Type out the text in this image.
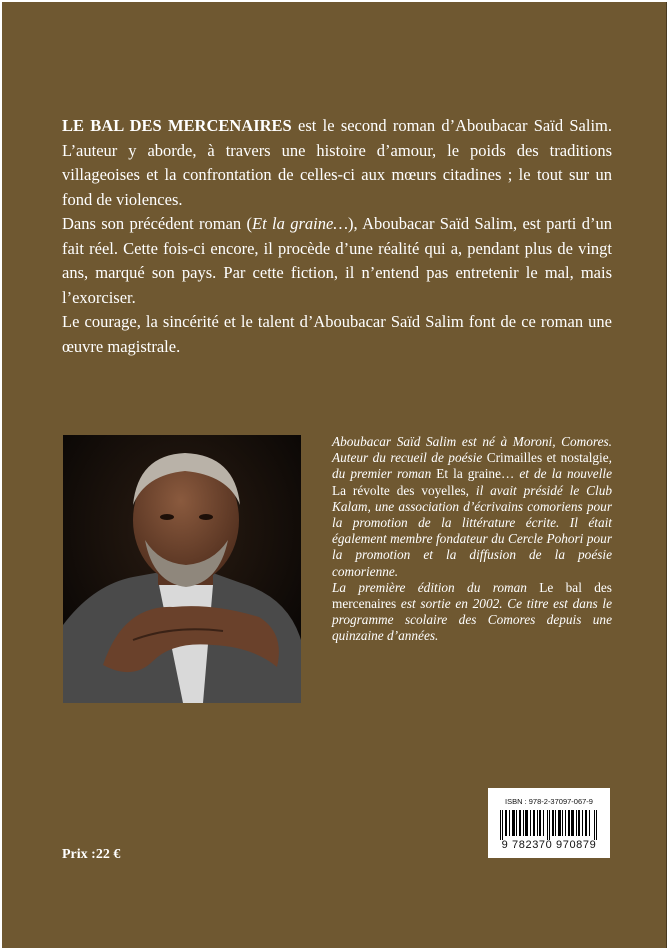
LE BAL DES MERCENAIRES est le second roman d’Aboubacar Saïd Salim. L’auteur y aborde, à travers une histoire d’amour, le poids des traditions villageoises et la confrontation de celles-ci aux mœurs citadines ; le tout sur un fond de violences.

Dans son précédent roman (Et la graine…), Aboubacar Saïd Salim, est parti d’un fait réel. Cette fois-ci encore, il procède d’une réalité qui a, pendant plus de vingt ans, marqué son pays. Par cette fiction, il n’entend pas entretenir le mal, mais l’exorciser.

Le courage, la sincérité et le talent d’Aboubacar Saïd Salim font de ce roman une œuvre magistrale.

Aboubacar Saïd Salim est né à Moroni, Comores. Auteur du recueil de poésie Crimailles et nostalgie, du premier roman Et la graine… et de la nouvelle La révolte des voyelles, il avait présidé le Club Kalam, une association d’écrivains comoriens pour la promotion de la littérature écrite. Il était également membre fondateur du Cercle Pohori pour la promotion et la diffusion de la poésie comorienne.

La première édition du roman Le bal des mercenaires est sortie en 2002. Ce titre est dans le programme scolaire des Comores depuis une quinzaine d’années.

Prix :22 €
ISBN : 978-2-37097-067-9
9 782370 970879
